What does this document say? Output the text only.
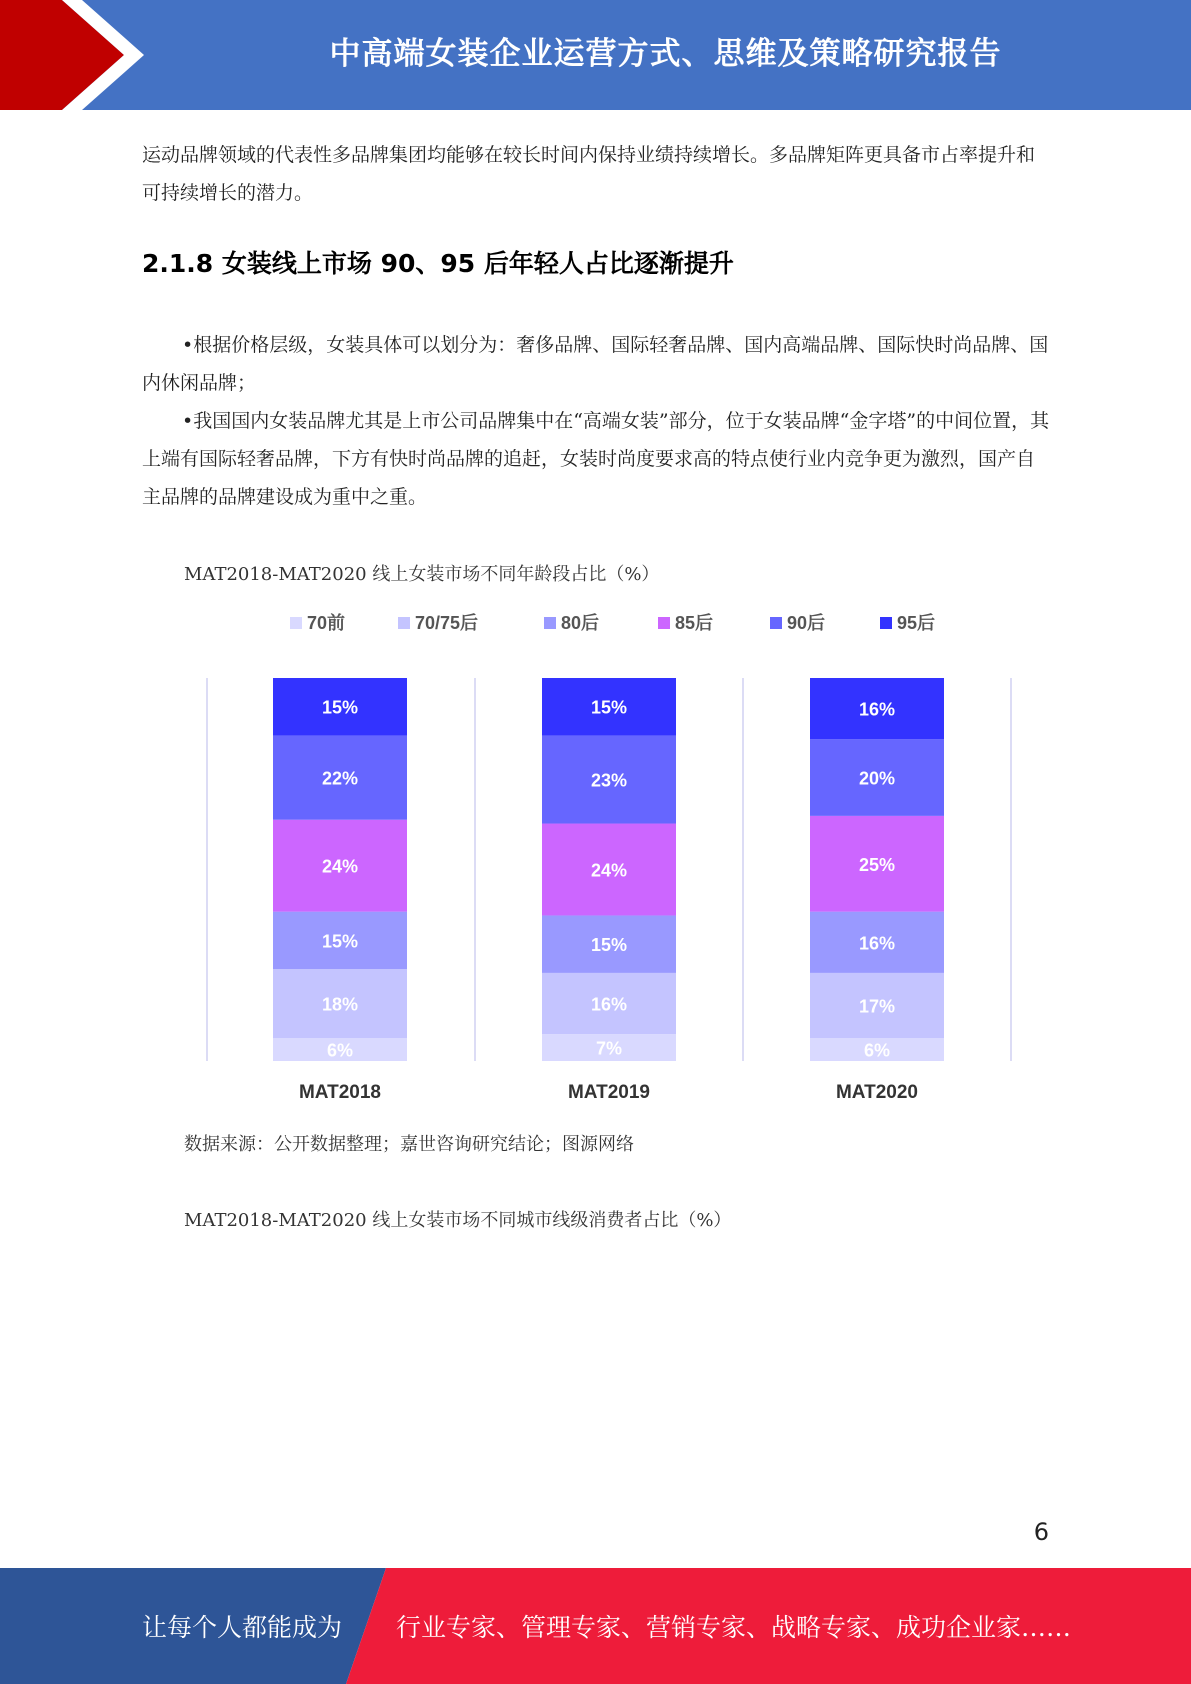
中高端女装企业运营方式、思维及策略研究报告
运动品牌领域的代表性多品牌集团均能够在较长时间内保持业绩持续增长。多品牌矩阵更具备市占率提升和可持续增长的潜力。
2.1.8 女装线上市场 90、95 后年轻人占比逐渐提升
•根据价格层级，女装具体可以划分为：奢侈品牌、国际轻奢品牌、国内高端品牌、国际快时尚品牌、国内休闲品牌；
•我国国内女装品牌尤其是上市公司品牌集中在“高端女装”部分，位于女装品牌“金字塔”的中间位置，其上端有国际轻奢品牌，下方有快时尚品牌的追赶，女装时尚度要求高的特点使行业内竞争更为激烈，国产自主品牌的品牌建设成为重中之重。
MAT2018-MAT2020 线上女装市场不同年龄段占比（%）
70前	70/75后	80后	85后	90后	95后
6%
18%
15%
24%
22%
15%
MAT2018
7%
16%
15%
24%
23%
15%
MAT2019
6%
17%
16%
25%
20%
16%
MAT2020
数据来源：公开数据整理；嘉世咨询研究结论；图源网络
MAT2018-MAT2020 线上女装市场不同城市线级消费者占比（%）
6
让每个人都能成为 行业专家、管理专家、营销专家、战略专家、成功企业家……
